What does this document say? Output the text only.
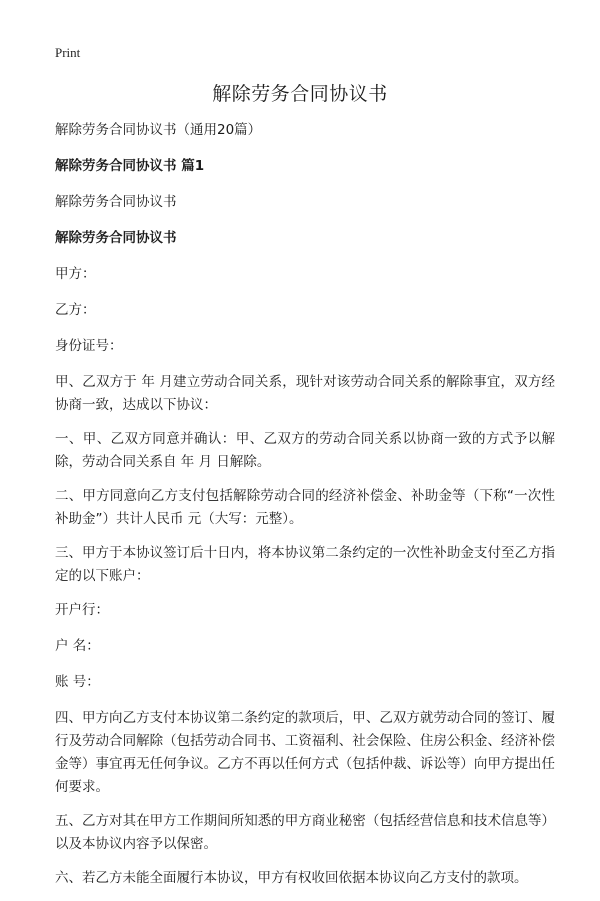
Print
解除劳务合同协议书

解除劳务合同协议书（通用20篇）

解除劳务合同协议书 篇1

解除劳务合同协议书

解除劳务合同协议书

甲方：

乙方：

身份证号：

甲、乙双方于 年 月建立劳动合同关系，现针对该劳动合同关系的解除事宜，双方经协商一致，达成以下协议：

一、甲、乙双方同意并确认：甲、乙双方的劳动合同关系以协商一致的方式予以解除，劳动合同关系自 年 月 日解除。

二、甲方同意向乙方支付包括解除劳动合同的经济补偿金、补助金等（下称“一次性补助金”）共计人民币 元（大写：元整）。

三、甲方于本协议签订后十日内，将本协议第二条约定的一次性补助金支付至乙方指定的以下账户：

开户行：

户 名：

账 号：

四、甲方向乙方支付本协议第二条约定的款项后，甲、乙双方就劳动合同的签订、履行及劳动合同解除（包括劳动合同书、工资福利、社会保险、住房公积金、经济补偿金等）事宜再无任何争议。乙方不再以任何方式（包括仲裁、诉讼等）向甲方提出任何要求。

五、乙方对其在甲方工作期间所知悉的甲方商业秘密（包括经营信息和技术信息等）以及本协议内容予以保密。

六、若乙方未能全面履行本协议，甲方有权收回依据本协议向乙方支付的款项。
